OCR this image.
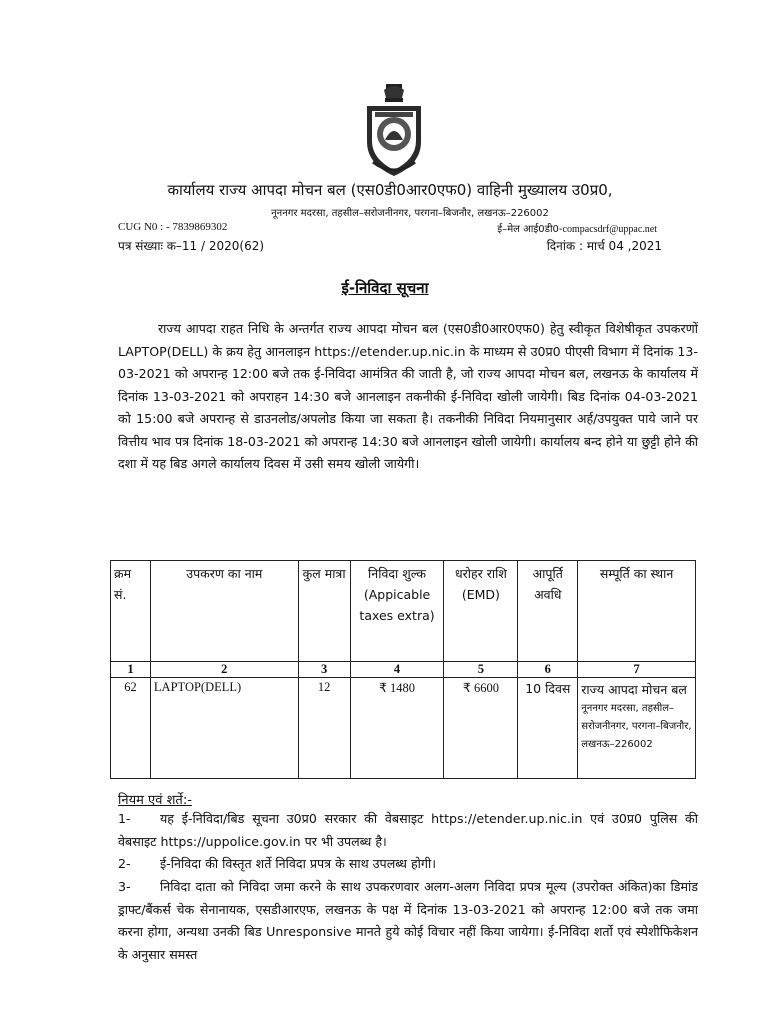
कार्यालय राज्य आपदा मोचन बल (एस0डी0आर0एफ0) वाहिनी मुख्यालय उ0प्र0,
नूननगर मदरसा, तहसील–सरोजनीनगर, परगना–बिजनौर, लखनऊ–226002
CUG N0 : - 7839869302	ई–मेल आई0डी0-compacsdrf@uppac.net
पत्र संख्याः क–11 / 2020(62)	दिनांक : मार्च 04 ,2021
ई-निविदा सूचना
राज्य आपदा राहत निधि के अन्तर्गत राज्य आपदा मोचन बल (एस0डी0आर0एफ0) हेतु स्वीकृत विशेषीकृत उपकरणों LAPTOP(DELL) के क्रय हेतु आनलाइन https://etender.up.nic.in के माध्यम से उ0प्र0 पीएसी विभाग में दिनांक 13-03-2021 को अपरान्ह 12:00 बजे तक ई-निविदा आमंत्रित की जाती है, जो राज्य आपदा मोचन बल, लखनऊ के कार्यालय में दिनांक 13-03-2021 को अपराहन 14:30 बजे आनलाइन तकनीकी ई-निविदा खोली जायेगी। बिड दिनांक 04-03-2021 को 15:00 बजे अपरान्ह से डाउनलोड/अपलोड किया जा सकता है। तकनीकी निविदा नियमानुसार अर्ह/उपयुक्त पाये जाने पर वित्तीय भाव पत्र दिनांक 18-03-2021 को अपरान्ह 14:30 बजे आनलाइन खोली जायेगी। कार्यालय बन्द होने या छुट्टी होने की दशा में यह बिड अगले कार्यालय दिवस में उसी समय खोली जायेगी।
क्रम सं.	उपकरण का नाम	कुल मात्रा	निविदा शुल्क (Appicable taxes extra)	धरोहर राशि (EMD)	आपूर्ति अवधि	सम्पूर्ति का स्थान
1	2	3	4	5	6	7
62	LAPTOP(DELL)	12	₹ 1480	₹ 6600	10 दिवस	राज्य आपदा मोचन बल
नूननगर मदरसा, तहसील–सरोजनीनगर, परगना–बिजनौर, लखनऊ–226002
नियम एवं शर्ते:-
1- यह ई-निविदा/बिड सूचना उ0प्र0 सरकार की वेबसाइट https://etender.up.nic.in एवं उ0प्र0 पुलिस की वेबसाइट https://uppolice.gov.in पर भी उपलब्ध है।
2- ई-निविदा की विस्तृत शर्ते निविदा प्रपत्र के साथ उपलब्ध होगी।
3- निविदा दाता को निविदा जमा करने के साथ उपकरणवार अलग-अलग निविदा प्रपत्र मूल्य (उपरोक्त अंकित)का डिमांड ड्राफ्ट/बैंकर्स चेक सेनानायक, एसडीआरएफ, लखनऊ के पक्ष में दिनांक 13-03-2021 को अपरान्ह 12:00 बजे तक जमा करना होगा, अन्यथा उनकी बिड Unresponsive मानते हुये कोई विचार नहीं किया जायेगा। ई-निविदा शर्तो एवं स्पेशीफिकेशन के अनुसार समस्त
